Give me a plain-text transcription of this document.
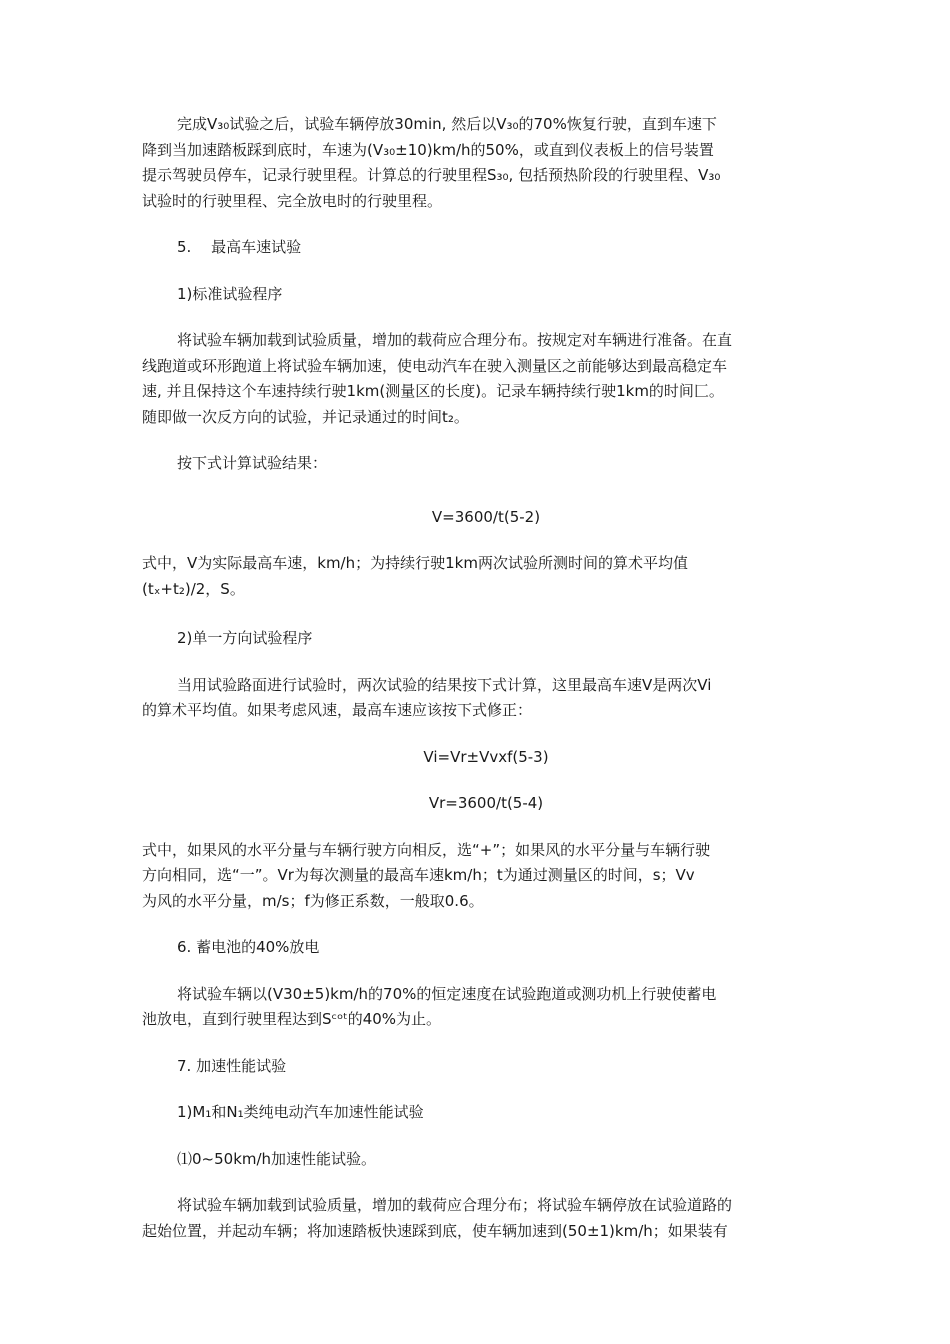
完成V₃₀试验之后，试验车辆停放30min, 然后以V₃₀的70%恢复行驶，直到车速下

降到当加速踏板踩到底时，车速为(V₃₀±10)km/h的50%，或直到仪表板上的信号装置

提示驾驶员停车，记录行驶里程。计算总的行驶里程S₃₀, 包括预热阶段的行驶里程、V₃₀

试验时的行驶里程、完全放电时的行驶里程。

5.　 最高车速试验

1)标准试验程序

将试验车辆加载到试验质量，增加的载荷应合理分布。按规定对车辆进行准备。在直

线跑道或环形跑道上将试验车辆加速，使电动汽车在驶入测量区之前能够达到最高稳定车

速, 并且保持这个车速持续行驶1km(测量区的长度)。记录车辆持续行驶1km的时间匚。

随即做一次反方向的试验，并记录通过的时间t₂。

按下式计算试验结果：

V=3600/t(5-2)

式中，V为实际最高车速，km/h；为持续行驶1km两次试验所测时间的算术平均值

(tₓ+t₂)/2，S。

2)单一方向试验程序

当用试验路面进行试验时，两次试验的结果按下式计算，这里最高车速V是两次Vi

的算术平均值。如果考虑风速，最高车速应该按下式修正：

Vi=Vr±Vvxf(5-3)

Vr=3600/t(5-4)

式中，如果风的水平分量与车辆行驶方向相反，选“+”；如果风的水平分量与车辆行驶

方向相同，选“一”。Vr为每次测量的最高车速km/h；t为通过测量区的时间，s；Vv

为风的水平分量，m/s；f为修正系数，一般取0.6。

6. 蓄电池的40%放电

将试验车辆以(V30±5)km/h的70%的恒定速度在试验跑道或测功机上行驶使蓄电

池放电，直到行驶里程达到Sᶜᵒᵗ的40%为止。

7. 加速性能试验

1)M₁和N₁类纯电动汽车加速性能试验

⑴0~50km/h加速性能试验。

将试验车辆加载到试验质量，增加的载荷应合理分布；将试验车辆停放在试验道路的

起始位置，并起动车辆；将加速踏板快速踩到底，使车辆加速到(50±1)km/h；如果装有
